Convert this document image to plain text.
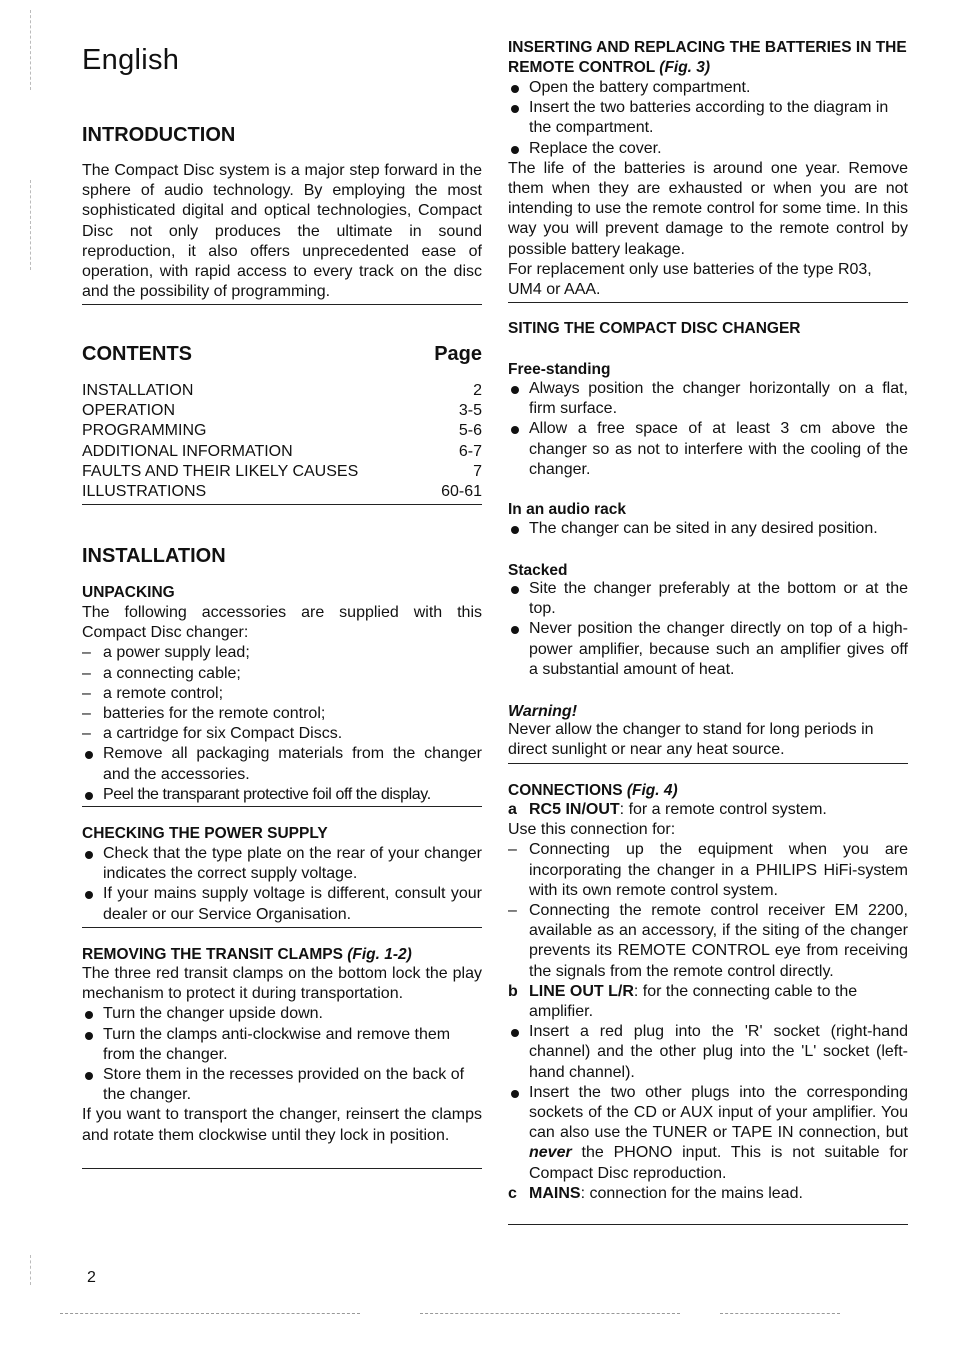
English
INTRODUCTION
The Compact Disc system is a major step forward in the sphere of audio technology. By employing the most sophisticated digital and optical technologies, Compact Disc not only produces the ultimate in sound reproduction, it also offers unprecedented ease of operation, with rapid access to every track on the disc and the possibility of programming.
CONTENTS	Page
INSTALLATION	2
OPERATION	3-5
PROGRAMMING	5-6
ADDITIONAL INFORMATION	6-7
FAULTS AND THEIR LIKELY CAUSES	7
ILLUSTRATIONS	60-61
INSTALLATION
UNPACKING
The following accessories are supplied with this Compact Disc changer:
– a power supply lead;
– a connecting cable;
– a remote control;
– batteries for the remote control;
– a cartridge for six Compact Discs.
Remove all packaging materials from the changer and the accessories.
Peel the transparant protective foil off the display.
CHECKING THE POWER SUPPLY
Check that the type plate on the rear of your changer indicates the correct supply voltage.
If your mains supply voltage is different, consult your dealer or our Service Organisation.
REMOVING THE TRANSIT CLAMPS (Fig. 1-2)
The three red transit clamps on the bottom lock the play mechanism to protect it during transportation.
Turn the changer upside down.
Turn the clamps anti-clockwise and remove them from the changer.
Store them in the recesses provided on the back of the changer.
If you want to transport the changer, reinsert the clamps and rotate them clockwise until they lock in position.
INSERTING AND REPLACING THE BATTERIES IN THE REMOTE CONTROL (Fig. 3)
Open the battery compartment.
Insert the two batteries according to the diagram in the compartment.
Replace the cover.
The life of the batteries is around one year. Remove them when they are exhausted or when you are not intending to use the remote control for some time. In this way you will prevent damage to the remote control by possible battery leakage.
For replacement only use batteries of the type R03, UM4 or AAA.
SITING THE COMPACT DISC CHANGER
Free-standing
Always position the changer horizontally on a flat, firm surface.
Allow a free space of at least 3 cm above the changer so as not to interfere with the cooling of the changer.
In an audio rack
The changer can be sited in any desired position.
Stacked
Site the changer preferably at the bottom or at the top.
Never position the changer directly on top of a high-power amplifier, because such an amplifier gives off a substantial amount of heat.
Warning!
Never allow the changer to stand for long periods in direct sunlight or near any heat source.
CONNECTIONS (Fig. 4)
a RC5 IN/OUT: for a remote control system.
Use this connection for:
– Connecting up the equipment when you are incorporating the changer in a PHILIPS HiFi-system with its own remote control system.
– Connecting the remote control receiver EM 2200, available as an accessory, if the siting of the changer prevents its REMOTE CONTROL eye from receiving the signals from the remote control directly.
b LINE OUT L/R: for the connecting cable to the amplifier.
Insert a red plug into the 'R' socket (right-hand channel) and the other plug into the 'L' socket (left-hand channel).
Insert the two other plugs into the corresponding sockets of the CD or AUX input of your amplifier. You can also use the TUNER or TAPE IN connection, but never the PHONO input. This is not suitable for Compact Disc reproduction.
c MAINS: connection for the mains lead.
2
